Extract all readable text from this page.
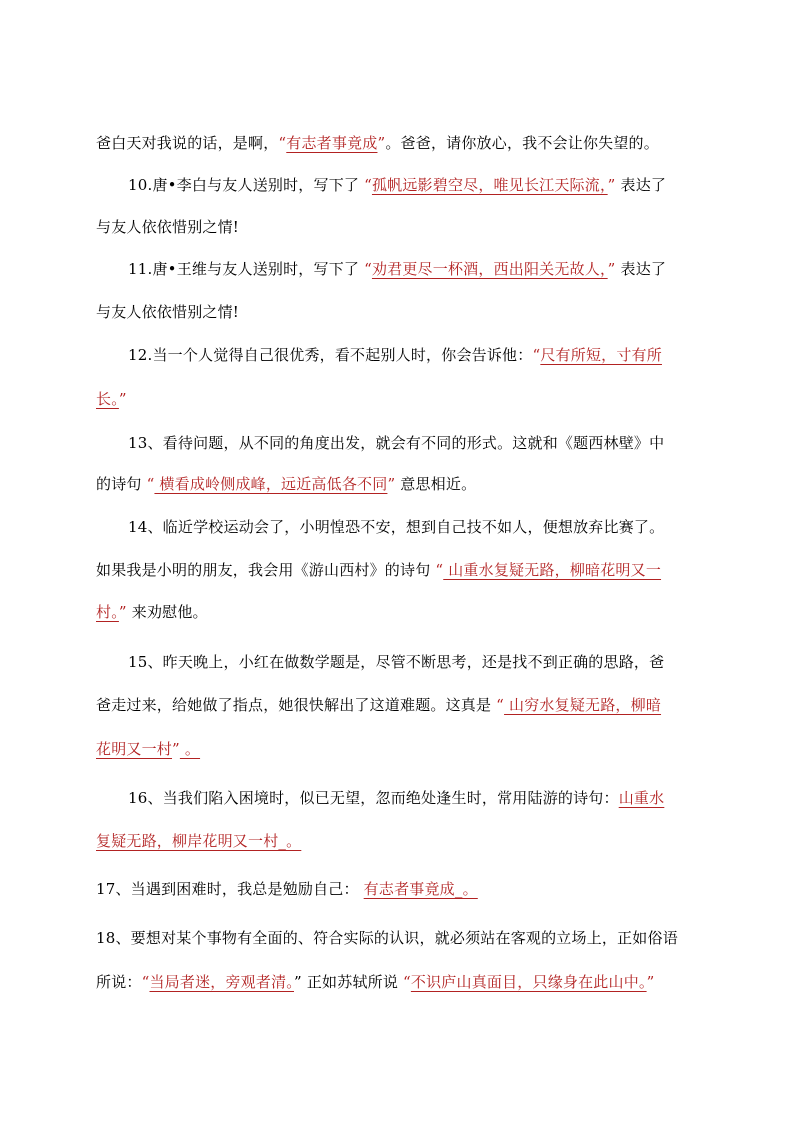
爸白天对我说的话，是啊，“有志者事竟成”。爸爸，请你放心，我不会让你失望的。
10.唐•李白与友人送别时，写下了 “孤帆远影碧空尽，唯见长江天际流，” 表达了
与友人依依惜别之情!
11.唐•王维与友人送别时，写下了 “劝君更尽一杯酒，西出阳关无故人，” 表达了
与友人依依惜别之情!
12.当一个人觉得自己很优秀，看不起别人时，你会告诉他：“尺有所短，寸有所
长。”
13、看待问题，从不同的角度出发，就会有不同的形式。这就和《题西林壁》中
的诗句 “ 横看成岭侧成峰，远近高低各不同” 意思相近。
14、临近学校运动会了，小明惶恐不安，想到自己技不如人，便想放弃比赛了。
如果我是小明的朋友，我会用《游山西村》的诗句 “ 山重水复疑无路，柳暗花明又一
村。” 来劝慰他。
15、昨天晚上，小红在做数学题是，尽管不断思考，还是找不到正确的思路，爸
爸走过来，给她做了指点，她很快解出了这道难题。这真是 “ 山穷水复疑无路，柳暗
花明又一村” 。
16、当我们陷入困境时，似已无望，忽而绝处逢生时，常用陆游的诗句：山重水
复疑无路，柳岸花明又一村_。
17、当遇到困难时，我总是勉励自己： 有志者事竟成_。
18、要想对某个事物有全面的、符合实际的认识，就必须站在客观的立场上，正如俗语
所说：“当局者迷，旁观者清。” 正如苏轼所说 “不识庐山真面目，只缘身在此山中。”
